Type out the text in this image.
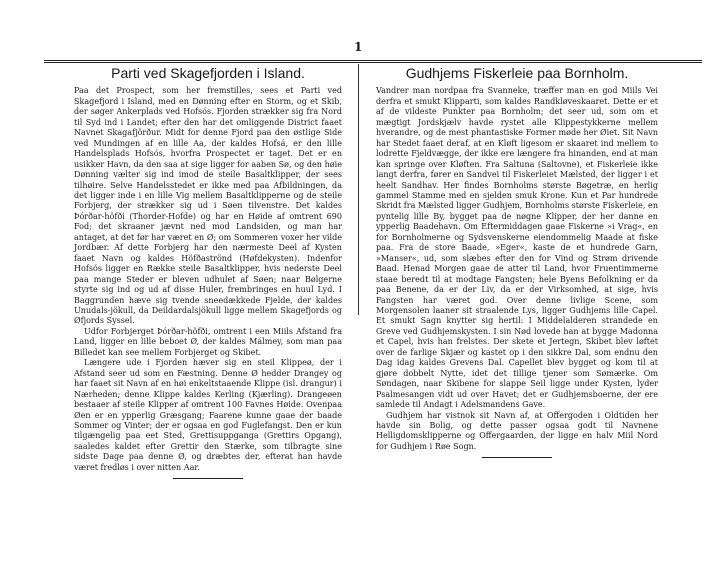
1
Parti ved Skagefjorden i Island.

Paa det Prospect, som her fremstilles, sees et Parti ved Skagefjord i Island, med en Dønning efter en Storm, og et Skib, der søger Ankerplads ved Hofsós. Fjorden strækker sig fra Nord til Syd ind i Landet; efter den har det omliggende District faaet Navnet Skagafjörður. Midt for denne Fjord paa den østlige Side ved Mundingen af en lille Aa, der kaldes Hofsá, er den lille Handelsplads Hofsós, hvorfra Prospectet er taget. Det er en usikker Havn, da den saa at sige ligger for aaben Sø, og den høie Dønning vælter sig ind imod de steile Basaltklipper, der sees tilhøire. Selve Handelsstedet er ikke med paa Afbildningen, da det ligger inde i en lille Vig mellem Basaltklipperne og de steile Forbjerg, der strækker sig ud i Søen tilvenstre. Det kaldes Þórðar-höfði (Thorder-Hofde) og har en Høide af omtrent 690 Fod; det skraaner jævnt ned mod Landsiden, og man har antaget, at det før har været en Ø; om Sommeren voxer her vilde Jordbær. Af dette Forbjerg har den nærmeste Deel af Kysten faaet Navn og kaldes Höfðaströnd (Høfdekysten). Indenfor Hofsós ligger en Række steile Basaltklipper, hvis nederste Deel paa mange Steder er bleven udhulet af Søen; naar Bølgerne styrte sig ind og ud af disse Huler, frembringes en huul Lyd. I Baggrunden hæve sig tvende sneedækkede Fjelde, der kaldes Unudals-jökull, da Deildardalsjökull ligge mellem Skagefjords og Øfjords Syssel.

Udfor Forbjerget Þórðar-höfði, omtrent i een Miils Afstand fra Land, ligger en lille beboet Ø, der kaldes Málmey, som man paa Billedet kan see mellem Forbjerget og Skibet.

Længere ude i Fjorden hæver sig en steil Klippeø, der i Afstand seer ud som en Fæstning. Denne Ø hedder Drangey og har faaet sit Navn af en høi enkeltstaaende Klippe (isl. drangur) i Nærheden; denne Klippe kaldes Kerling (Kjærling). Drangeøen bestaaer af steile Klipper af omtrent 100 Favnes Høide. Ovenpaa Øen er en ypperlig Græsgang; Faarene kunne gaae der baade Sommer og Vinter; der er ogsaa en god Fuglefangst. Den er kun tilgængelig paa eet Sted, Grettisuppganga (Grettirs Opgang), saaledes kaldet efter Grettir den Stærke, som tilbragte sine sidste Dage paa denne Ø, og dræbtes der, efterat han havde været fredløs i over nitten Aar.

Gudhjems Fiskerleie paa Bornholm.

Vandrer man nordpaa fra Svanneke, træffer man en god Miils Vei derfra et smukt Klipparti, som kaldes Randkløveskaaret. Dette er et af de vildeste Punkter paa Bornholm; det seer ud, som om et mægtigt Jordskjælv havde rystet alle Klippestykkerne mellem hverandre, og de mest phantastiske Former møde her Øiet. Sit Navn har Stedet faaet deraf, at en Kløft ligesom er skaaret ind mellem to lodrette Fjeldvægge, der ikke ere længere fra hinanden, end at man kan springe over Kløften. Fra Saltuna (Saltovne), et Fiskerleie ikke langt derfra, fører en Sandvei til Fiskerleiet Mælsted, der ligger i et heelt Sandhav. Her findes Bornholms største Bøgetræ, en herlig gammel Stamme med en sjelden smuk Krone. Kun et Par hundrede Skridt fra Mælsted ligger Gudhjem, Bornholms største Fiskerleie, en pyntelig lille By, bygget paa de nøgne Klipper, der her danne en ypperlig Baadehavn. Om Eftermiddagen gaae Fiskerne »i Vrag«, en for Bornholmerne og Sydsvenskerne eiendommelig Maade at fiske paa. Fra de store Baade, »Eger«, kaste de et hundrede Garn, »Manser«, ud, som slæbes efter den for Vind og Strøm drivende Baad. Henad Morgen gaae de atter til Land, hvor Fruentimmerne staae beredt til at modtage Fangsten; hele Byens Befolkning er da paa Benene, da er der Liv, da er der Virksomhed, at sige, hvis Fangsten har været god. Over denne livlige Scene, som Morgensolen laaner sit straalende Lys, ligger Gudhjems lille Capel. Et smukt Sagn knytter sig hertil: I Middelalderen strandede en Greve ved Gudhjemskysten. I sin Nød lovede han at bygge Madonna et Capel, hvis han frelstes. Der skete et Jertegn, Skibet blev løftet over de farlige Skjær og kastet op i den sikkre Dal, som endnu den Dag idag kaldes Grevens Dal. Capellet blev bygget og kom til at gjøre dobbelt Nytte, idet det tillige tjener som Sømærke. Om Søndagen, naar Skibene for slappe Seil ligge under Kysten, lyder Psalmesangen vidt ud over Havet; det er Gudhjemsboerne, der ere samlede til Andagt i Adelsmandens Gave.

Gudhjem har vistnok sit Navn af, at Offergoden i Oldtiden her havde sin Bolig, og dette passer ogsaa godt til Navnene Helligdomsklipperne og Offergaarden, der ligge en halv Miil Nord for Gudhjem i Røe Sogn.
